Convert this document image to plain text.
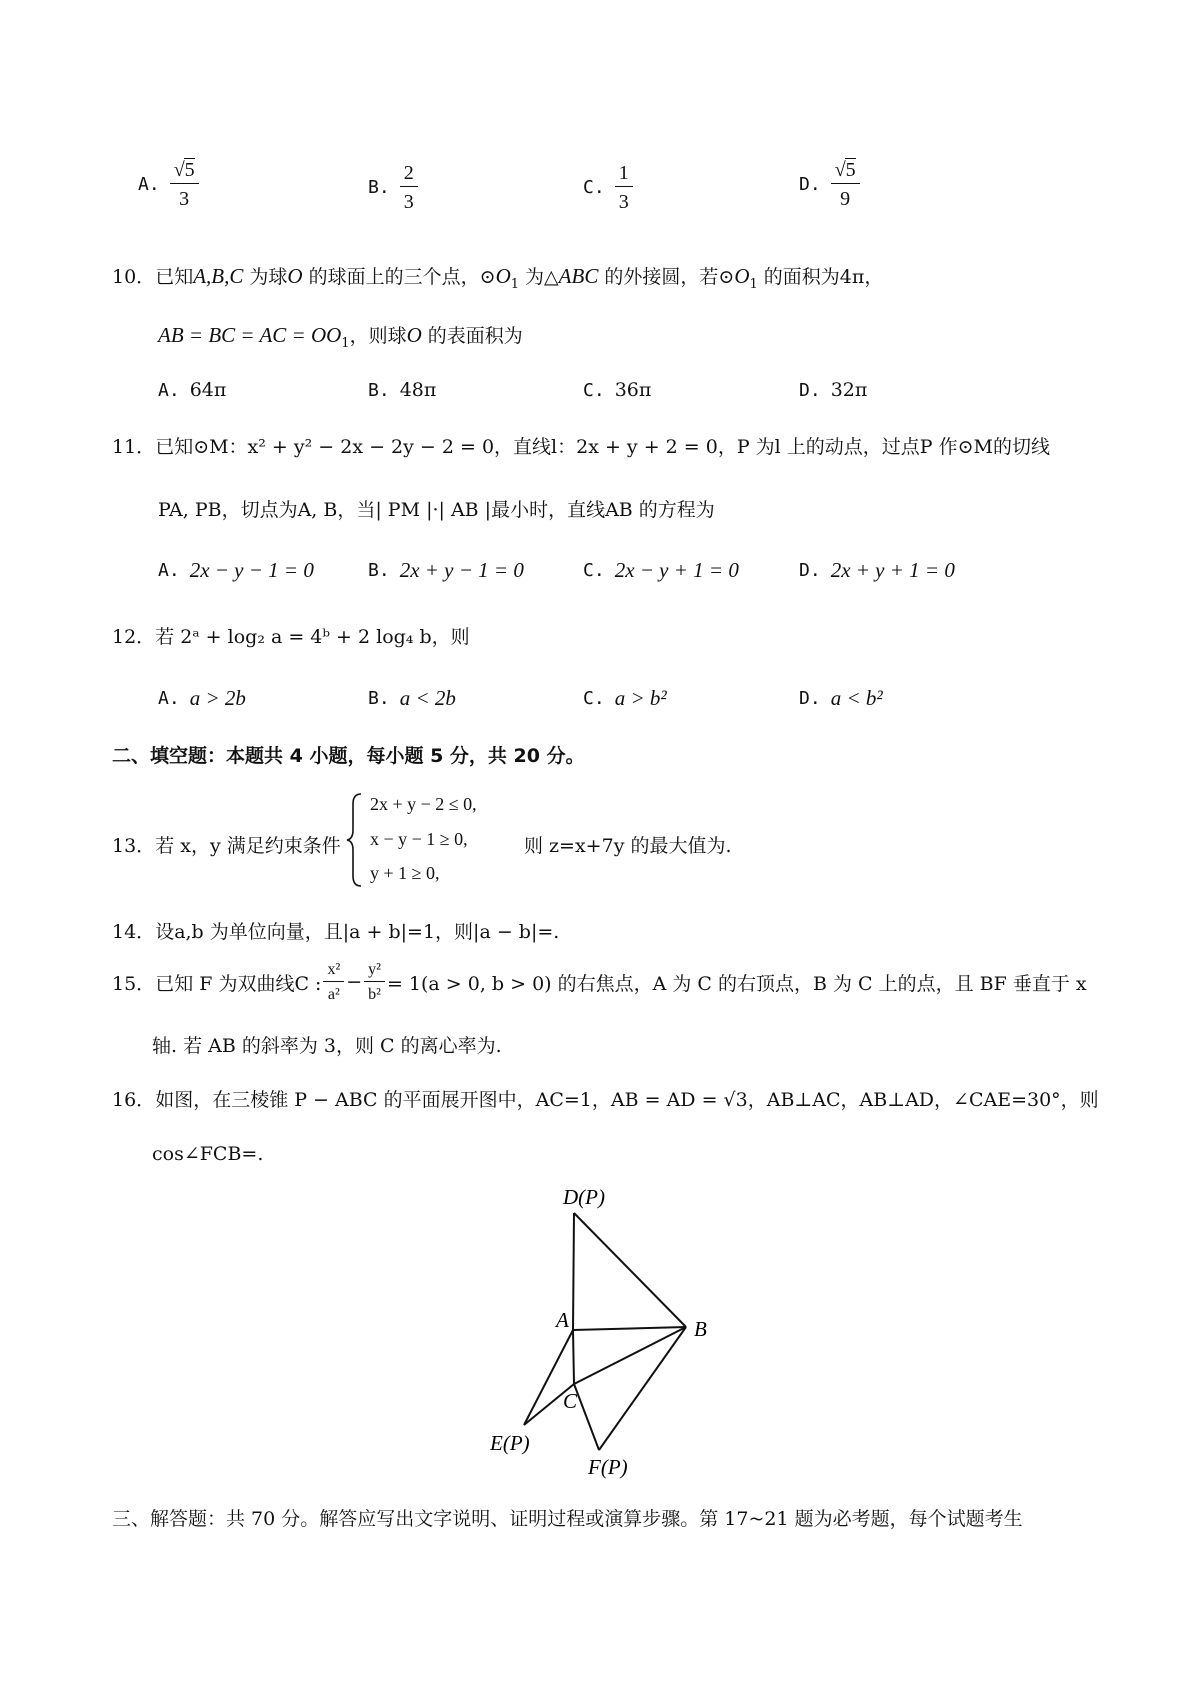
A. $\frac{√5}{3}$	B. $\frac{2}{3}$	C. $\frac{1}{3}$	D. $\frac{√5}{9}$
10．已知A,B,C 为球O 的球面上的三个点，$⊙O_1$ 为△ABC 的外接圆，若$⊙O_1$ 的面积为4π，
AB = BC = AC = $OO_1$，则球O 的表面积为
A. 64π	B. 48π	C. 36π	D. 32π
11．已知⊙M：x² + y² − 2x − 2y − 2 = 0，直线l：2x + y + 2 = 0，P 为l 上的动点，过点P 作⊙M的切线
PA, PB，切点为A, B，当| PM |·| AB |最小时，直线AB 的方程为
A. 2x − y − 1 = 0	B. 2x + y − 1 = 0	C. 2x − y + 1 = 0	D. 2x + y + 1 = 0
12．若 2ᵃ + log₂ a = 4ᵇ + 2 log₄ b，则
A. a > 2b	B. a < 2b	C. a > b²	D. a < b²
二、填空题：本题共 4 小题，每小题 5 分，共 20 分。
13．若 x，y 满足约束条件
2x + y − 2 ≤ 0,
x − y − 1 ≥ 0,
y + 1 ≥ 0,
则 z=x+7y 的最大值为.
14．设a,b 为单位向量，且|a + b|=1，则|a − b|=.
15． 已知 F 为双曲线C : $\frac{\text{x²}}{\text{a²}} - \frac{\text{y²}}{\text{b²}} = 1(a > 0$, b > 0) 的右焦点，A 为 C 的右顶点，B 为 C 上的点，且 BF 垂直于 x
轴. 若 AB 的斜率为 3，则 C 的离心率为.
16．如图，在三棱锥 P − ABC 的平面展开图中，AC=1，AB = AD = √3，AB⊥AC，AB⊥AD，∠CAE=30°，则
cos∠FCB=.
D(P)
A	B
C
E(P)
F(P)
三、解答题：共 70 分。解答应写出文字说明、证明过程或演算步骤。第 17~21 题为必考题，每个试题考生
